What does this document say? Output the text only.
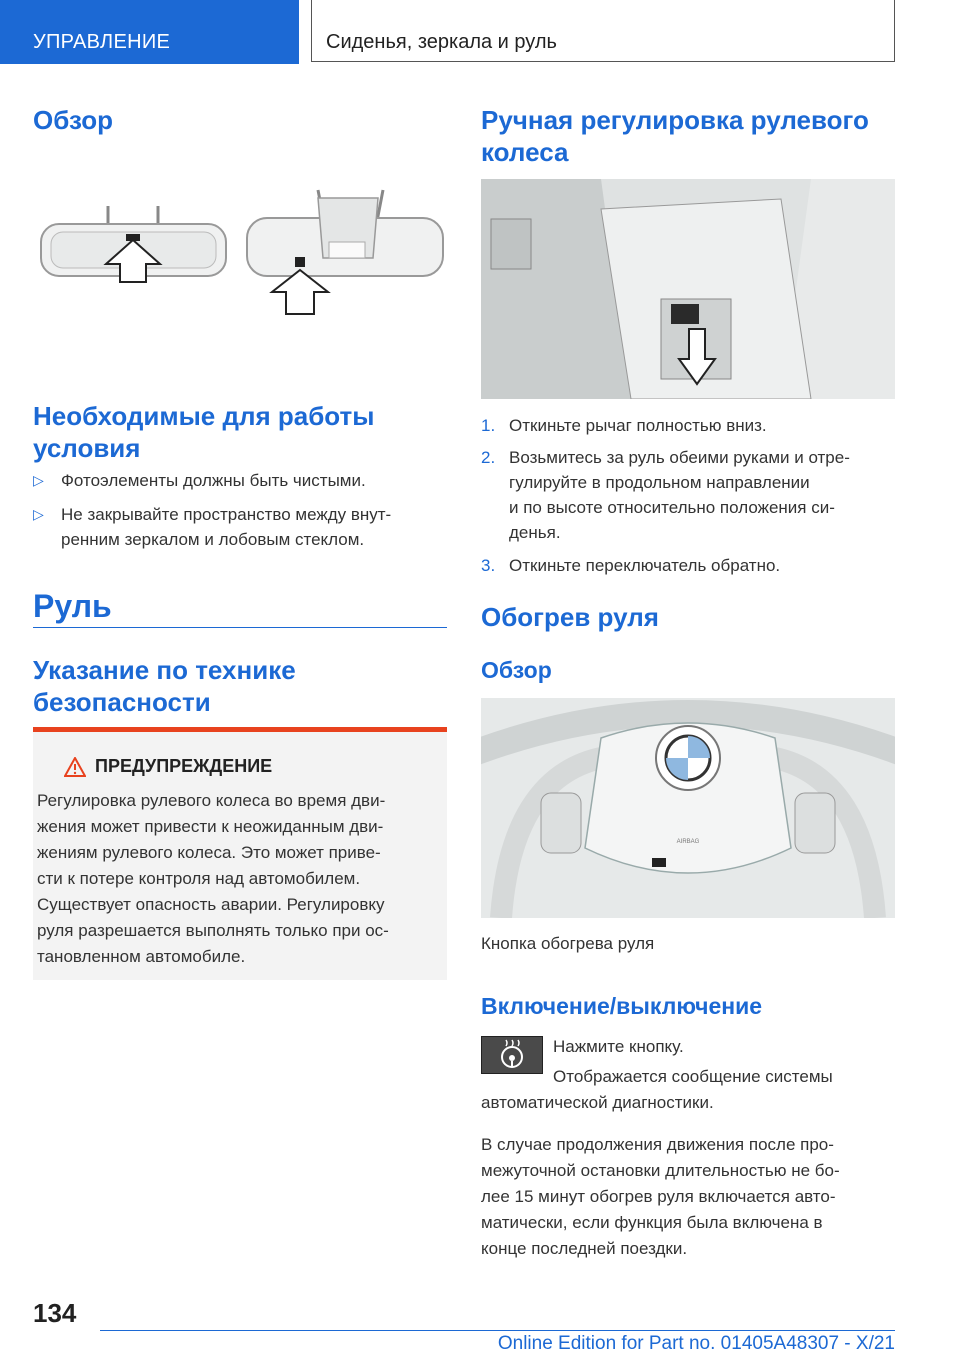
УПРАВЛЕНИЕ	Сиденья, зеркала и руль
Обзор
Необходимые для работы
условия
▷ Фотоэлементы должны быть чистыми.
▷ Не закрывайте пространство между внут-
ренним зеркалом и лобовым стеклом.
Руль
Указание по технике
безопасности
ПРЕДУПРЕЖДЕНИЕ
Регулировка рулевого колеса во время дви-
жения может привести к неожиданным дви-
жениям рулевого колеса. Это может приве-
сти к потере контроля над автомобилем.
Существует опасность аварии. Регулировку
руля разрешается выполнять только при ос-
тановленном автомобиле.
Ручная регулировка рулевого
колеса
1. Откиньте рычаг полностью вниз.
2. Возьмитесь за руль обеими руками и отре-
гулируйте в продольном направлении
и по высоте относительно положения си-
денья.
3. Откиньте переключатель обратно.
Обогрев руля
Обзор
AIRBAG
Кнопка обогрева руля
Включение/выключение
Нажмите кнопку.
Отображается сообщение системы
автоматической диагностики.
В случае продолжения движения после про-
межуточной остановки длительностью не бо-
лее 15 минут обогрев руля включается авто-
матически, если функция была включена в
конце последней поездки.
134
Online Edition for Part no. 01405A48307 - X/21
